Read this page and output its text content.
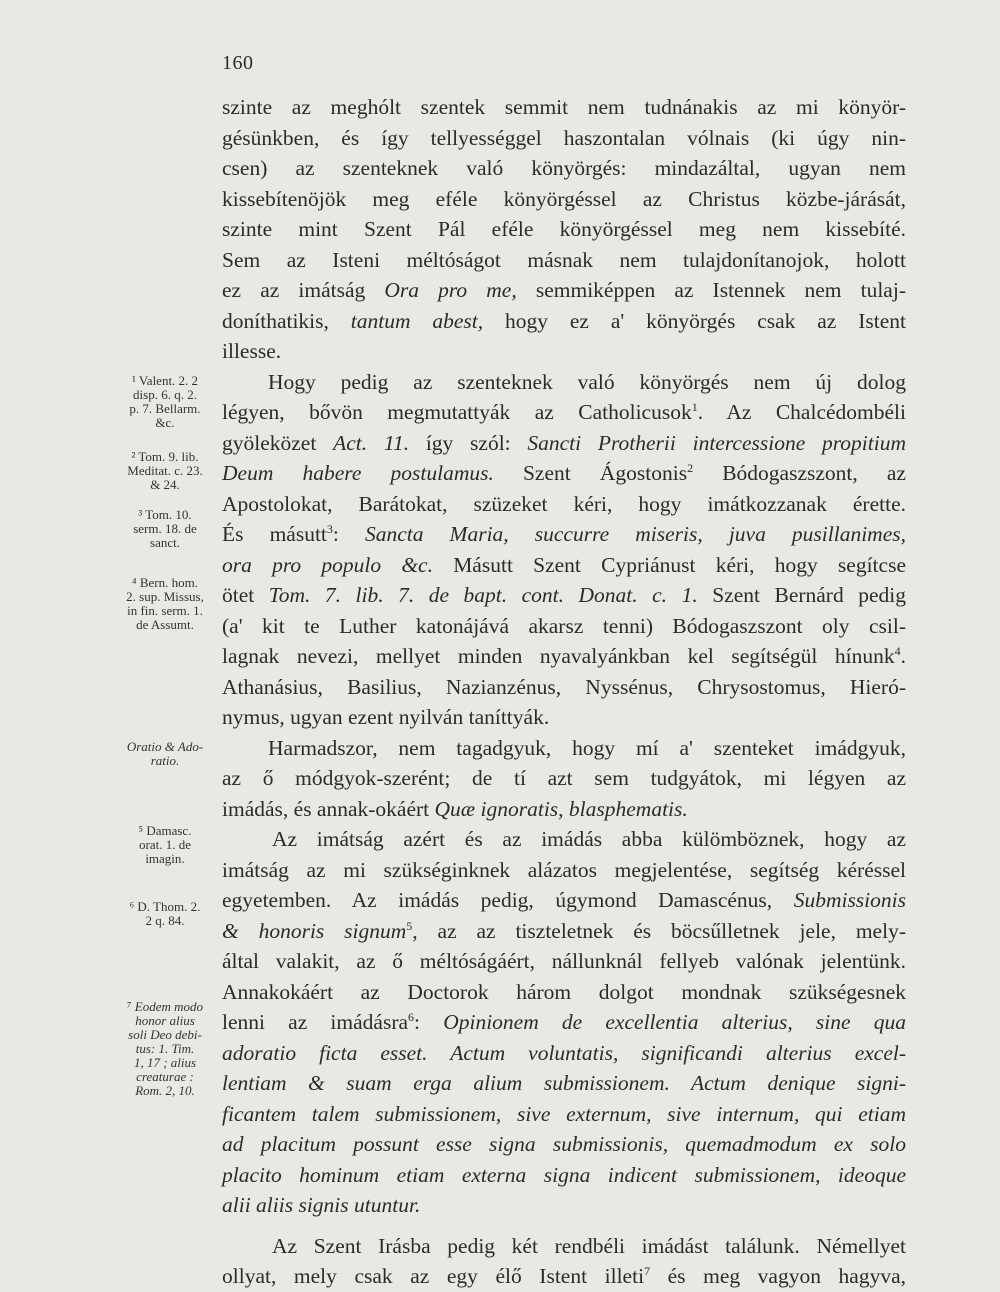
160
szinte az meghólt szentek semmit nem tudnánakis az mi könyör-
gésünkben, és így tellyességgel haszontalan vólnais (ki úgy nin-
csen) az szenteknek való könyörgés: mindazáltal, ugyan nem
kissebítenöjök meg eféle könyörgéssel az Christus közbe-járását,
szinte mint Szent Pál eféle könyörgéssel meg nem kissebíté.
Sem az Isteni méltóságot másnak nem tulajdonítanojok, holott
ez az imátság Ora pro me, semmiképpen az Istennek nem tulaj-
doníthatikis, tantum abest, hogy ez a' könyörgés csak az Istent
illesse.
Hogy pedig az szenteknek való könyörgés nem új dolog
légyen, bővön megmutattyák az Catholicusok$^1$. Az Chalcédombéli
gyöleközet Act. 11. így szól: Sancti Protherii intercessione propitium
Deum habere postulamus. Szent Ágostonis$^2$ Bódogaszszont, az
Apostolokat, Barátokat, szüzeket kéri, hogy imátkozzanak érette.
És másutt$^3$: Sancta Maria, succurre miseris, juva pusillanimes,
ora pro populo &c. Másutt Szent Cypriánust kéri, hogy segítcse
ötet Tom. 7. lib. 7. de bapt. cont. Donat. c. 1. Szent Bernárd pedig
(a' kit te Luther katonájává akarsz tenni) Bódogaszszont oly csil-
lagnak nevezi, mellyet minden nyavalyánkban kel segítségül hínunk$^4$.
Athanásius, Basilius, Nazianzénus, Nyssénus, Chrysostomus, Hieró-
nymus, ugyan ezent nyilván taníttyák.
Harmadszor, nem tagadgyuk, hogy mí a' szenteket imádgyuk,
az ő módgyok-szerént; de tí azt sem tudgyátok, mi légyen az
imádás, és annak-okáért Quæ ignoratis, blasphematis.
Az imátság azért és az imádás abba külömböznek, hogy az
imátság az mi szükséginknek alázatos megjelentése, segítség kéréssel
egyetemben. Az imádás pedig, úgymond Damascénus, Submissionis
& honoris signum$^5$, az az tiszteletnek és böcsűlletnek jele, mely-
által valakit, az ő méltóságáért, nállunknál fellyeb valónak jelentünk.
Annakokáért az Doctorok három dolgot mondnak szükségesnek
lenni az imádásra$^6$: Opinionem de excellentia alterius, sine qua
adoratio ficta esset. Actum voluntatis, significandi alterius excel-
lentiam & suam erga alium submissionem. Actum denique signi-
ficantem talem submissionem, sive externum, sive internum, qui etiam
ad placitum possunt esse signa submissionis, quemadmodum ex solo
placito hominum etiam externa signa indicent submissionem, ideoque
alii aliis signis utuntur.
Az Szent Irásba pedig két rendbéli imádást találunk. Némellyet
ollyat, mely csak az egy élő Istent illeti$^7$ és meg vagyon hagyva,
¹ Valent. 2. 2
disp. 6. q. 2.
p. 7. Bellarm.
&c.
² Tom. 9. lib.
Meditat. c. 23.
& 24.
³ Tom. 10.
serm. 18. de
sanct.
⁴ Bern. hom.
2. sup. Missus,
in fin. serm. 1.
de Assumt.
Oratio & Ado-
ratio.
⁵ Damasc.
orat. 1. de
imagin.
⁶ D. Thom. 2.
2 q. 84.
⁷ Eodem modo
honor alius
soli Deo debi-
tus: 1. Tim.
1, 17 ; alius
creaturae :
Rom. 2, 10.
